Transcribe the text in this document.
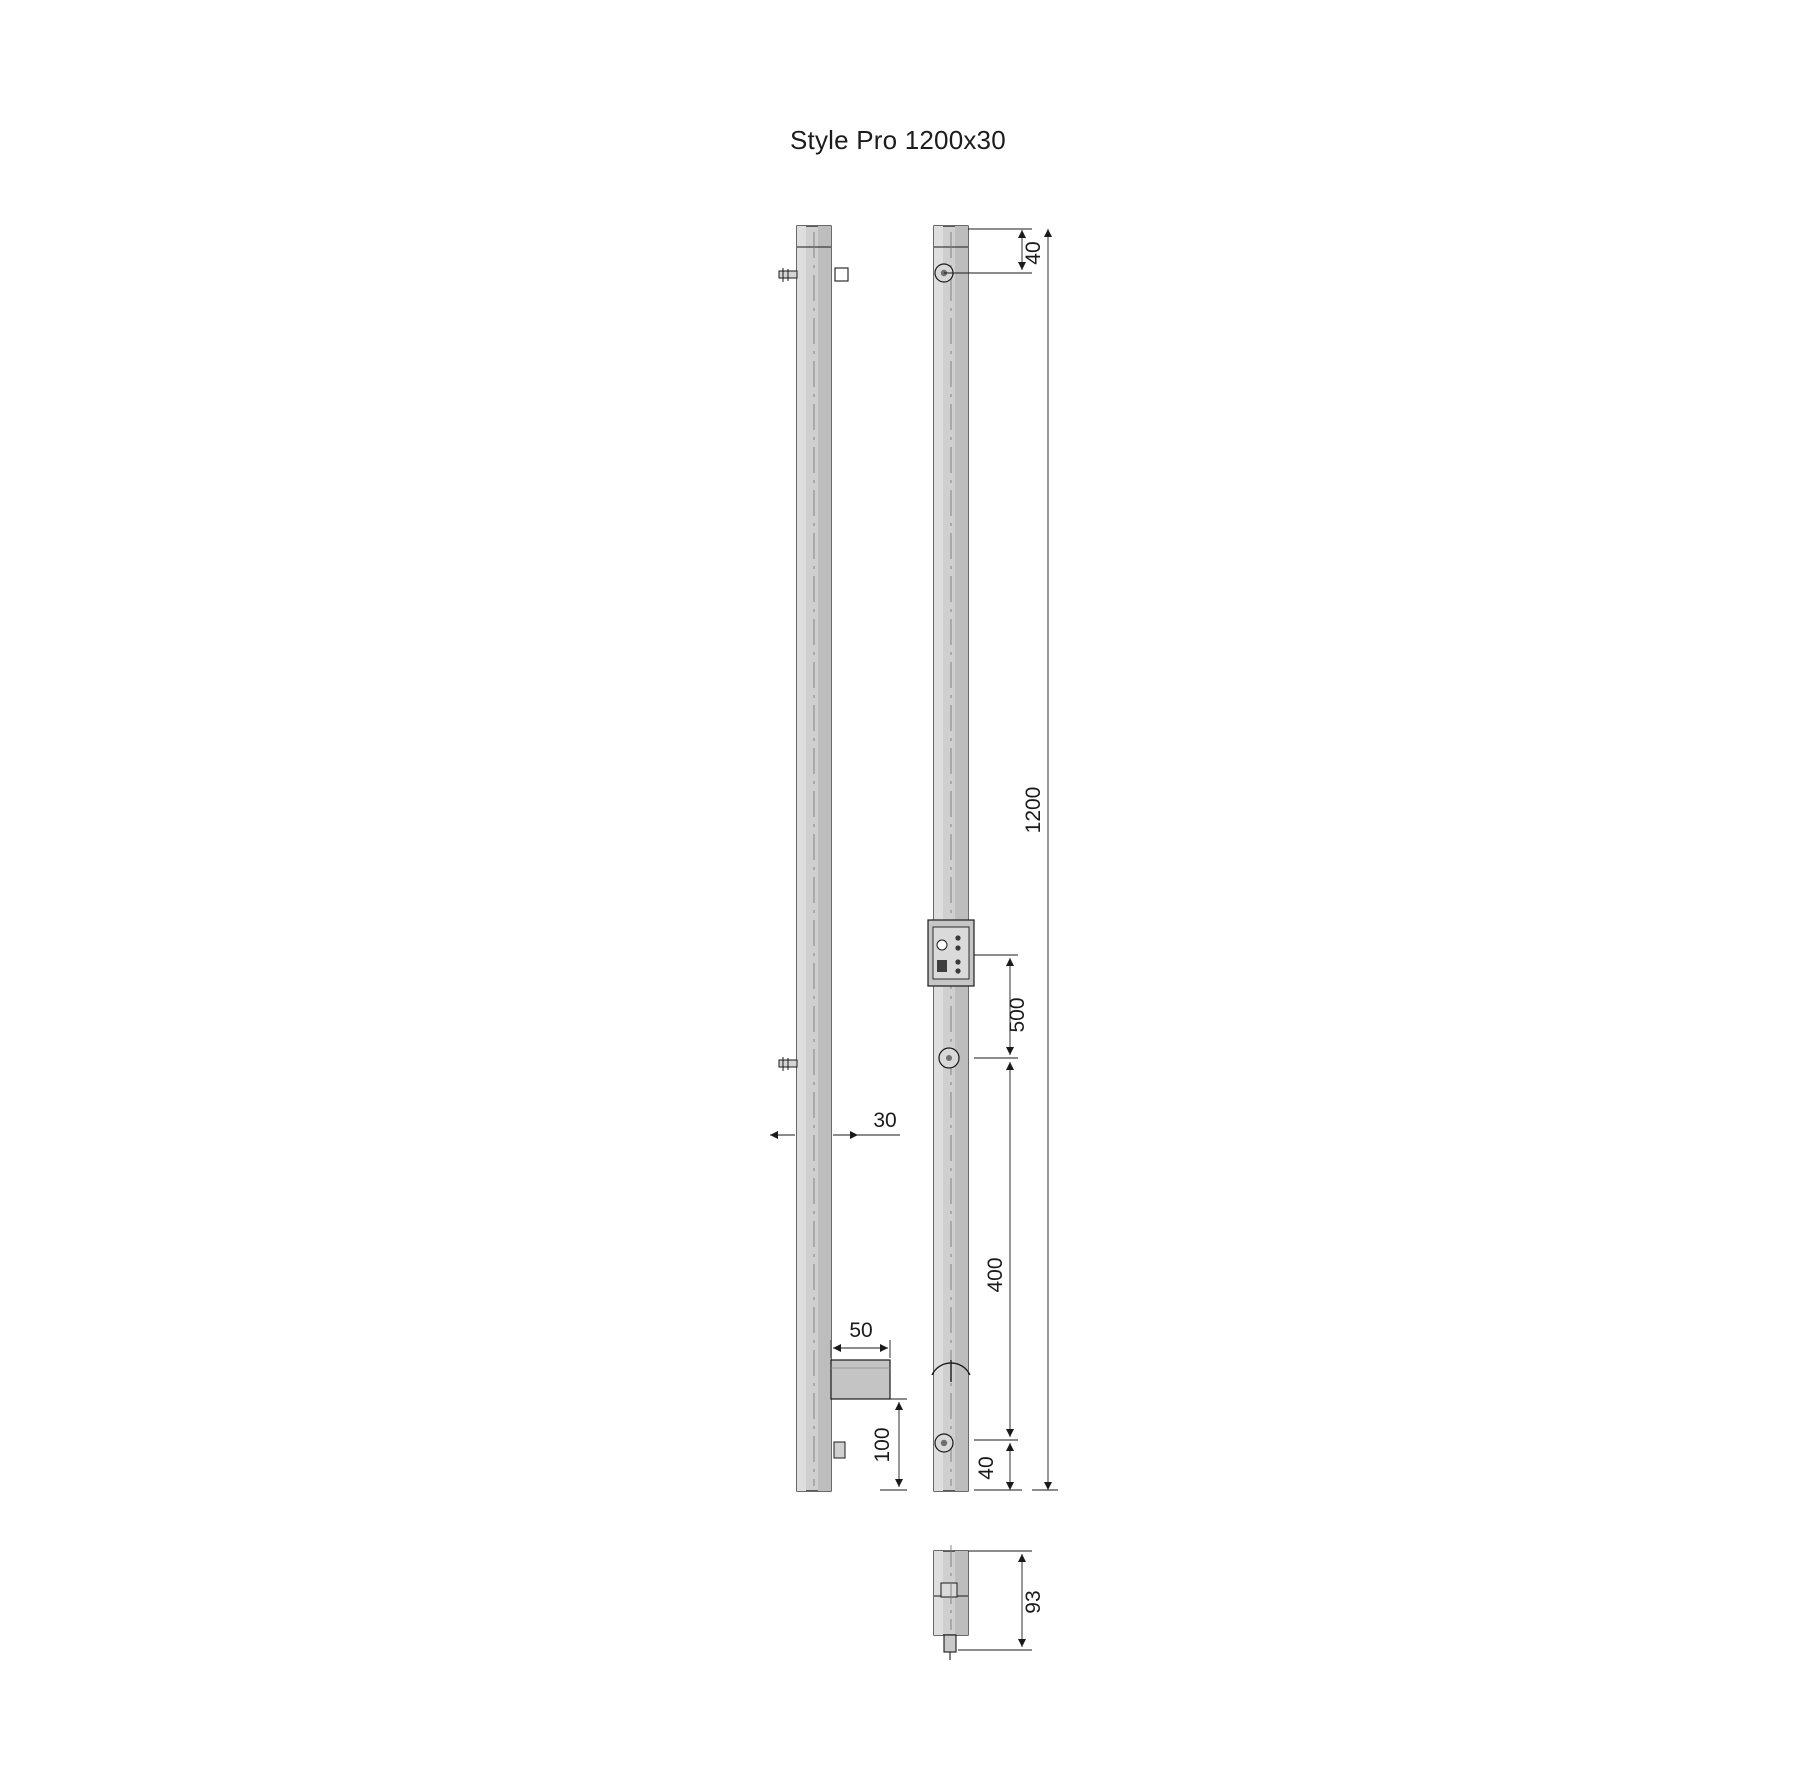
Style Pro 1200x30
40
1200
500
400
40
30
50
100
93
